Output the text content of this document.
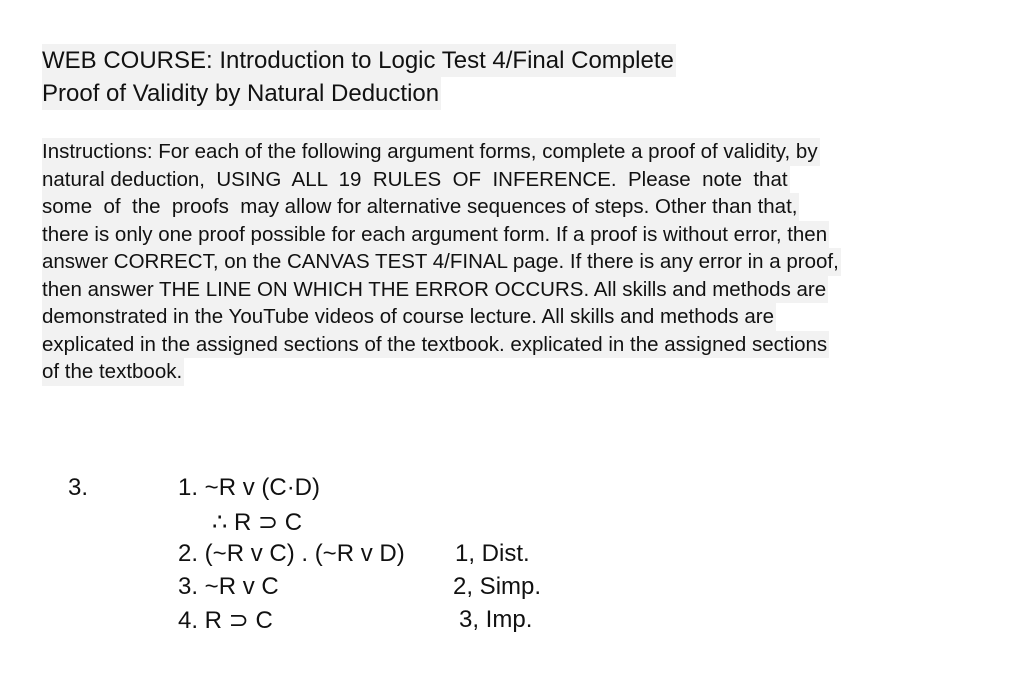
WEB COURSE: Introduction to Logic Test 4/Final Complete
Proof of Validity by Natural Deduction
Instructions: For each of the following argument forms, complete a proof of validity, by
natural deduction,  USING  ALL  19  RULES  OF  INFERENCE.  Please  note  that
some  of  the  proofs  may allow for alternative sequences of steps. Other than that,
there is only one proof possible for each argument form. If a proof is without error, then
answer CORRECT, on the CANVAS TEST 4/FINAL page. If there is any error in a proof,
then answer THE LINE ON WHICH THE ERROR OCCURS. All skills and methods are
demonstrated in the YouTube videos of course lecture. All skills and methods are
explicated in the assigned sections of the textbook. explicated in the assigned sections
of the textbook.
3.	1. ~R v (C·D)
∴ R ⊃ C
2. (~R v C) . (~R v D) 1, Dist.
3. ~R v C	2, Simp.
4. R ⊃ C	3, Imp.
